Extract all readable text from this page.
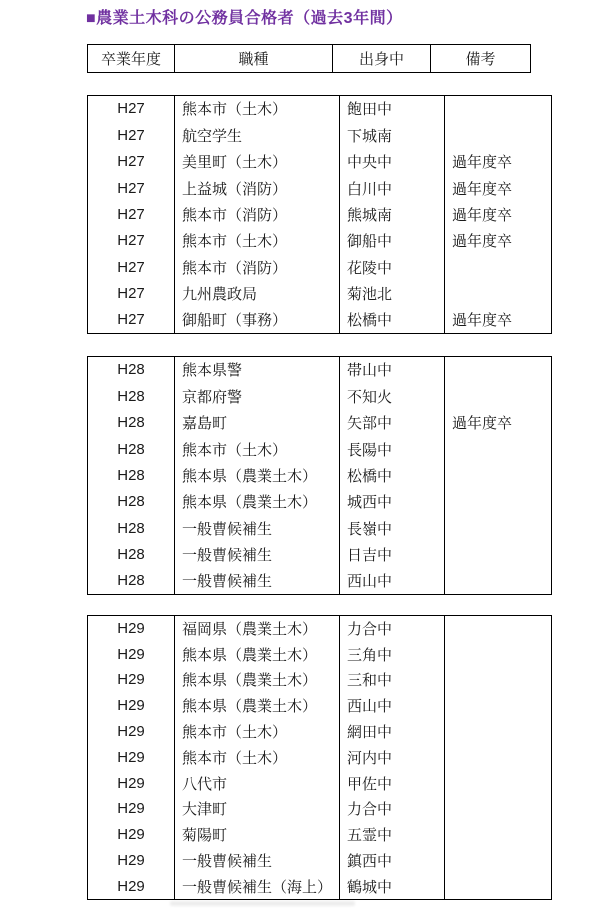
■農業土木科の公務員合格者（過去3年間）
卒業年度	職種	出身中	備考
H27	熊本市（土木）	飽田中	
H27	航空学生	下城南	
H27	美里町（土木）	中央中	過年度卒
H27	上益城（消防）	白川中	過年度卒
H27	熊本市（消防）	熊城南	過年度卒
H27	熊本市（土木）	御船中	過年度卒
H27	熊本市（消防）	花陵中	
H27	九州農政局	菊池北	
H27	御船町（事務）	松橋中	過年度卒
H28	熊本県警	帯山中	
H28	京都府警	不知火	
H28	嘉島町	矢部中	過年度卒
H28	熊本市（土木）	長陽中	
H28	熊本県（農業土木）	松橋中	
H28	熊本県（農業土木）	城西中	
H28	一般曹候補生	長嶺中	
H28	一般曹候補生	日吉中	
H28	一般曹候補生	西山中	
H29	福岡県（農業土木）	力合中	
H29	熊本県（農業土木）	三角中	
H29	熊本県（農業土木）	三和中	
H29	熊本県（農業土木）	西山中	
H29	熊本市（土木）	網田中	
H29	熊本市（土木）	河内中	
H29	八代市	甲佐中	
H29	大津町	力合中	
H29	菊陽町	五霊中	
H29	一般曹候補生	鎮西中	
H29	一般曹候補生（海上）	鶴城中	
